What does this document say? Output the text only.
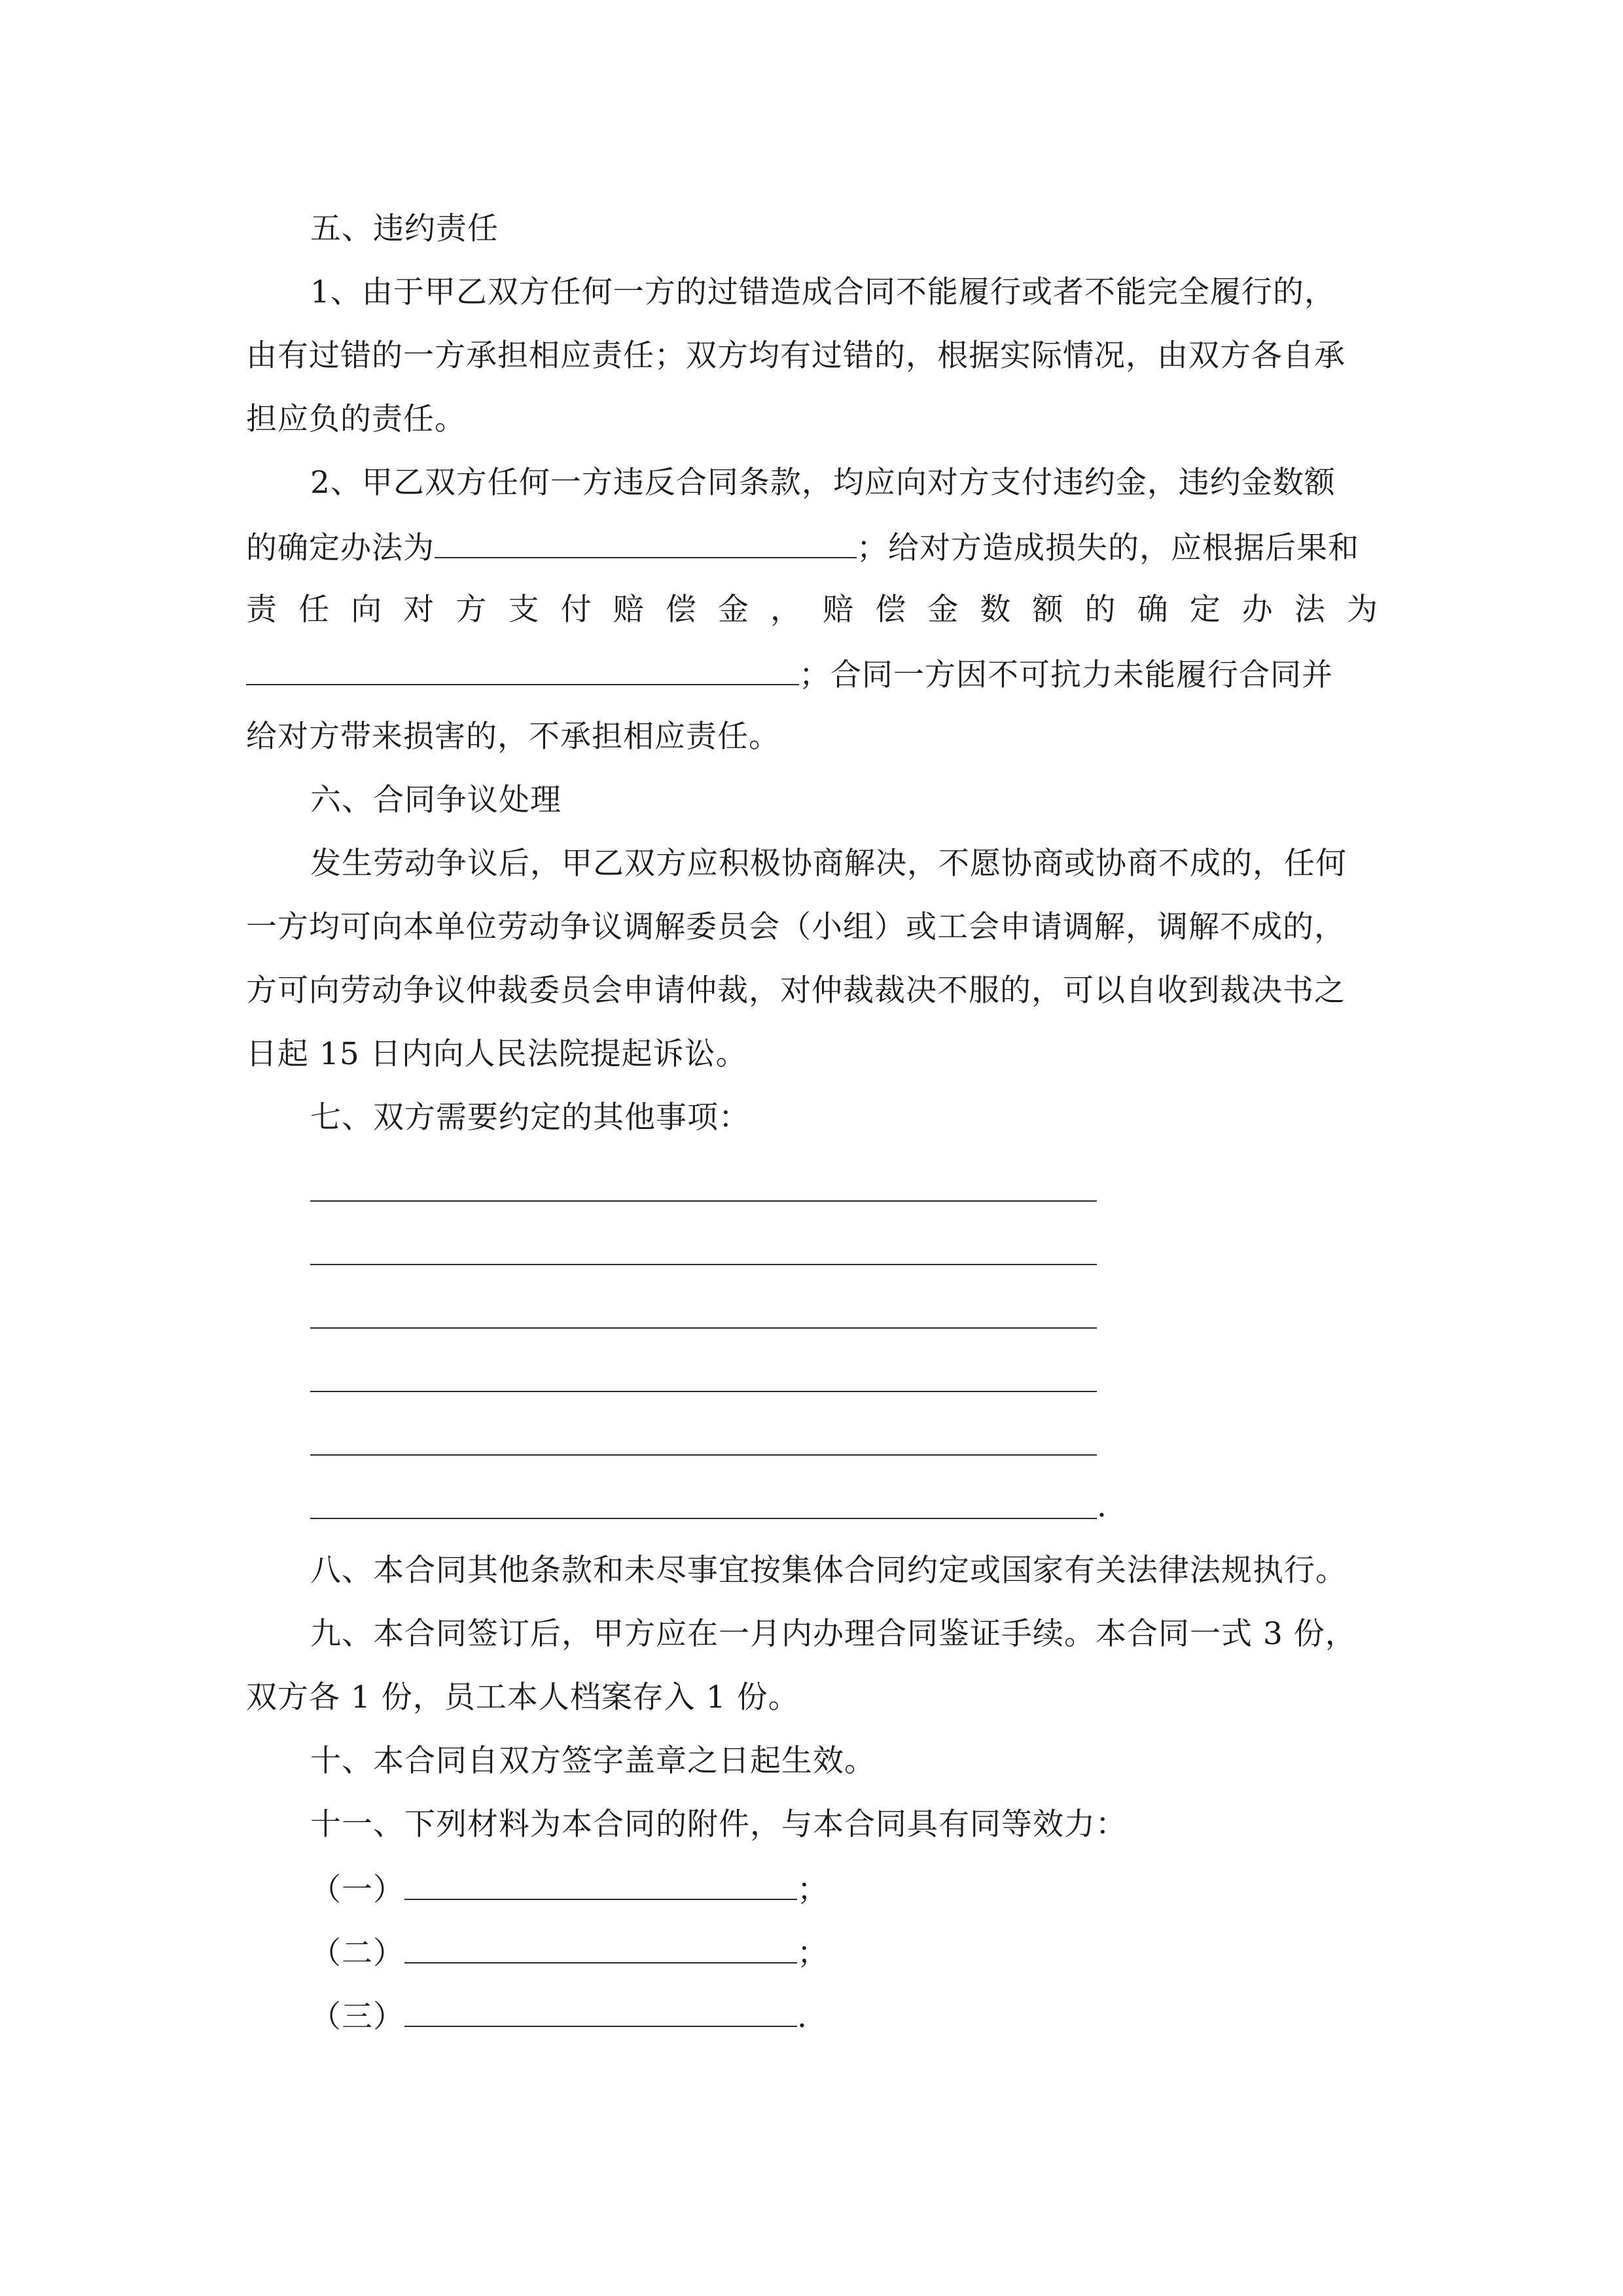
五、违约责任
1、由于甲乙双方任何一方的过错造成合同不能履行或者不能完全履行的，
由有过错的一方承担相应责任；双方均有过错的，根据实际情况，由双方各自承
担应负的责任。
2、甲乙双方任何一方违反合同条款，均应向对方支付违约金，违约金数额
的确定办法为	；给对方造成损失的，应根据后果和
责 任 向 对 方 支 付 赔 偿 金 ， 赔 偿 金 数 额 的 确 定 办 法 为
；合同一方因不可抗力未能履行合同并
给对方带来损害的，不承担相应责任。
六、合同争议处理
发生劳动争议后，甲乙双方应积极协商解决，不愿协商或协商不成的，任何
一方均可向本单位劳动争议调解委员会（小组）或工会申请调解，调解不成的，
方可向劳动争议仲裁委员会申请仲裁，对仲裁裁决不服的，可以自收到裁决书之
日起 15 日内向人民法院提起诉讼。
七、双方需要约定的其他事项：
.
八、本合同其他条款和未尽事宜按集体合同约定或国家有关法律法规执行。
九、本合同签订后，甲方应在一月内办理合同鉴证手续。本合同一式 3 份，
双方各 1 份，员工本人档案存入 1 份。
十、本合同自双方签字盖章之日起生效。
十一、下列材料为本合同的附件，与本合同具有同等效力：
（一）	；
（二）	；
（三）	.
